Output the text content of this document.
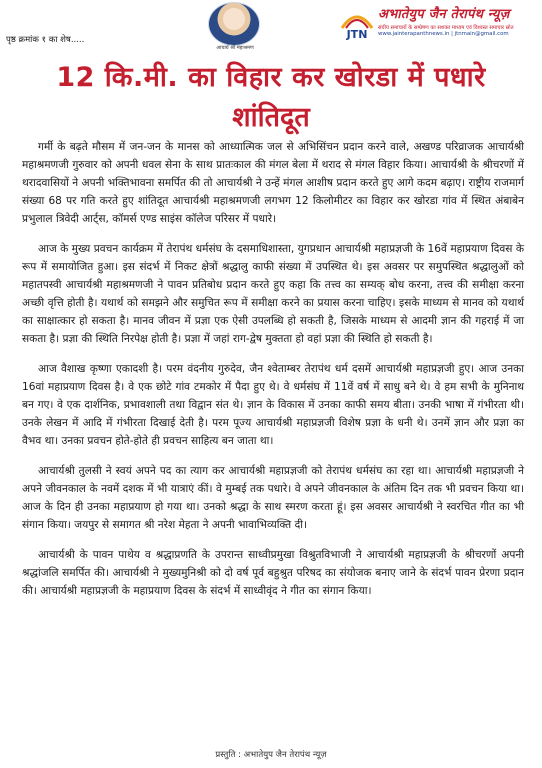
पृष्ठ क्रमांक १ का शेष.....
आचार्य श्री महाश्रमण
JTN
अभातेयुप जैन तेरापंथ न्यूज़
संघीय समाचारों के सम्प्रेषण का सशक्त माध्यम एवं विश्वस्त समाचार स्रोत
www.jainterapanthnews.in | jtnmain@gmail.com
12 कि.मी. का विहार कर खोरडा में पधारे
शांतिदूत

गर्मी के बढ़ते मौसम में जन-जन के मानस को आध्यात्मिक जल से अभिसिंचन प्रदान करने वाले, अखण्ड परिव्राजक आचार्यश्री महाश्रमणजी गुरुवार को अपनी धवल सेना के साथ प्रातःकाल की मंगल बेला में थराद से मंगल विहार किया। आचार्यश्री के श्रीचरणों में थरादवासियों ने अपनी भक्तिभावना समर्पित की तो आचार्यश्री ने उन्हें मंगल आशीष प्रदान करते हुए आगे कदम बढ़ाए। राष्ट्रीय राजमार्ग संख्या 68 पर गति करते हुए शांतिदूत आचार्यश्री महाश्रमणजी लगभग 12 किलोमीटर का विहार कर खोरडा गांव में स्थित अंबाबेन प्रभुलाल त्रिवेदी आर्ट्स, कॉमर्स एण्ड साइंस कॉलेज परिसर में पधारे।

आज के मुख्य प्रवचन कार्यक्रम में तेरापंथ धर्मसंघ के दसमाधिशास्ता, युगप्रधान आचार्यश्री महाप्रज्ञजी के 16वें महाप्रयाण दिवस के रूप में समायोजित हुआ। इस संदर्भ में निकट क्षेत्रों श्रद्धालु काफी संख्या में उपस्थित थे। इस अवसर पर समुपस्थित श्रद्धालुओं को महातपस्वी आचार्यश्री महाश्रमणजी ने पावन प्रतिबोध प्रदान करते हुए कहा कि तत्त्व का सम्यक् बोध करना, तत्त्व की समीक्षा करना अच्छी वृत्ति होती है। यथार्थ को समझने और समुचित रूप में समीक्षा करने का प्रयास करना चाहिए। इसके माध्यम से मानव को यथार्थ का साक्षात्कार हो सकता है। मानव जीवन में प्रज्ञा एक ऐसी उपलब्धि हो सकती है, जिसके माध्यम से आदमी ज्ञान की गहराई में जा सकता है। प्रज्ञा की स्थिति निरपेक्ष होती है। प्रज्ञा में जहां राग-द्वेष मुक्तता हो वहां प्रज्ञा की स्थिति हो सकती है।

आज वैशाख कृष्णा एकादशी है। परम वंदनीय गुरुदेव, जैन श्वेताम्बर तेरापंथ धर्म दसमें आचार्यश्री महाप्रज्ञजी हुए। आज उनका 16वां महाप्रयाण दिवस है। वे एक छोटे गांव टमकोर में पैदा हुए थे। वे धर्मसंघ में 11वें वर्ष में साधु बने थे। वे हम सभी के मुनिनाथ बन गए। वे एक दार्शनिक, प्रभावशाली तथा विद्वान संत थे। ज्ञान के विकास में उनका काफी समय बीता। उनकी भाषा में गंभीरता थी। उनके लेखन में आदि में गंभीरता दिखाई देती है। परम पूज्य आचार्यश्री महाप्रज्ञजी विशेष प्रज्ञा के धनी थे। उनमें ज्ञान और प्रज्ञा का वैभव था। उनका प्रवचन होते-होते ही प्रवचन साहित्य बन जाता था।

आचार्यश्री तुलसी ने स्वयं अपने पद का त्याग कर आचार्यश्री महाप्रज्ञजी को तेरापंथ धर्मसंघ का रहा था। आचार्यश्री महाप्रज्ञजी ने अपने जीवनकाल के नवमें दशक में भी यात्राएं कीं। वे मुम्बई तक पधारे। वे अपने जीवनकाल के अंतिम दिन तक भी प्रवचन किया था। आज के दिन ही उनका महाप्रयाण हो गया था। उनको श्रद्धा के साथ स्मरण करता हूं। इस अवसर आचार्यश्री ने स्वरचित गीत का भी संगान किया। जयपुर से समागत श्री नरेश मेहता ने अपनी भावाभिव्यक्ति दी।

आचार्यश्री के पावन पाथेय व श्रद्धाप्रणति के उपरान्त साध्वीप्रमुखा विश्रुतविभाजी ने आचार्यश्री महाप्रज्ञजी के श्रीचरणों अपनी श्रद्धांजलि समर्पित की। आचार्यश्री ने मुख्यमुनिश्री को दो वर्ष पूर्व बहुश्रुत परिषद का संयोजक बनाए जाने के संदर्भ पावन प्रेरणा प्रदान की। आचार्यश्री महाप्रज्ञजी के महाप्रयाण दिवस के संदर्भ में साध्वीवृंद ने गीत का संगान किया।

प्रस्तुति : अभातेयुप जैन तेरापंथ न्यूज़
